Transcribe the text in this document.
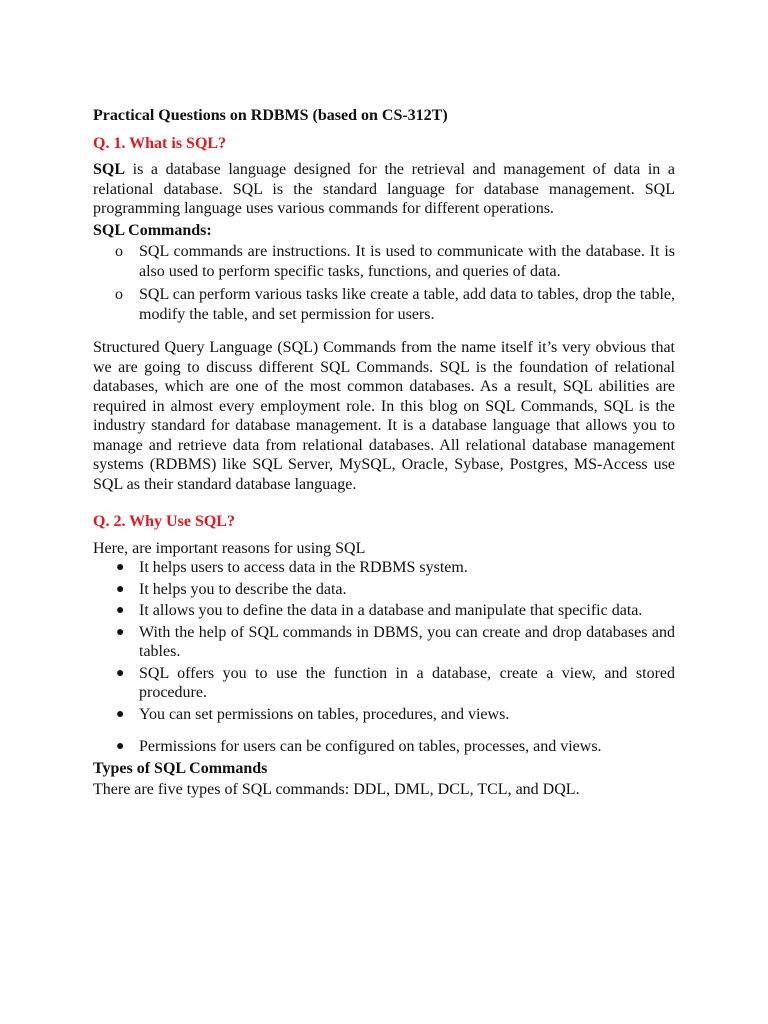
Practical Questions on RDBMS (based on CS-312T)
Q. 1. What is SQL?

SQL is a database language designed for the retrieval and management of data in a relational database. SQL is the standard language for database management. SQL programming language uses various commands for different operations.

SQL Commands:
o SQL commands are instructions. It is used to communicate with the database. It is also used to perform specific tasks, functions, and queries of data.
o SQL can perform various tasks like create a table, add data to tables, drop the table, modify the table, and set permission for users.

Structured Query Language (SQL) Commands from the name itself it’s very obvious that we are going to discuss different SQL Commands. SQL is the foundation of relational databases, which are one of the most common databases. As a result, SQL abilities are required in almost every employment role. In this blog on SQL Commands, SQL is the industry standard for database management. It is a database language that allows you to manage and retrieve data from relational databases. All relational database management systems (RDBMS) like SQL Server, MySQL, Oracle, Sybase, Postgres, MS-Access use SQL as their standard database language.

Q. 2. Why Use SQL?

Here, are important reasons for using SQL

● It helps users to access data in the RDBMS system.
● It helps you to describe the data.
● It allows you to define the data in a database and manipulate that specific data.
● With the help of SQL commands in DBMS, you can create and drop databases and tables.
● SQL offers you to use the function in a database, create a view, and stored procedure.
● You can set permissions on tables, procedures, and views.
● Permissions for users can be configured on tables, processes, and views.
Types of SQL Commands

There are five types of SQL commands: DDL, DML, DCL, TCL, and DQL.
